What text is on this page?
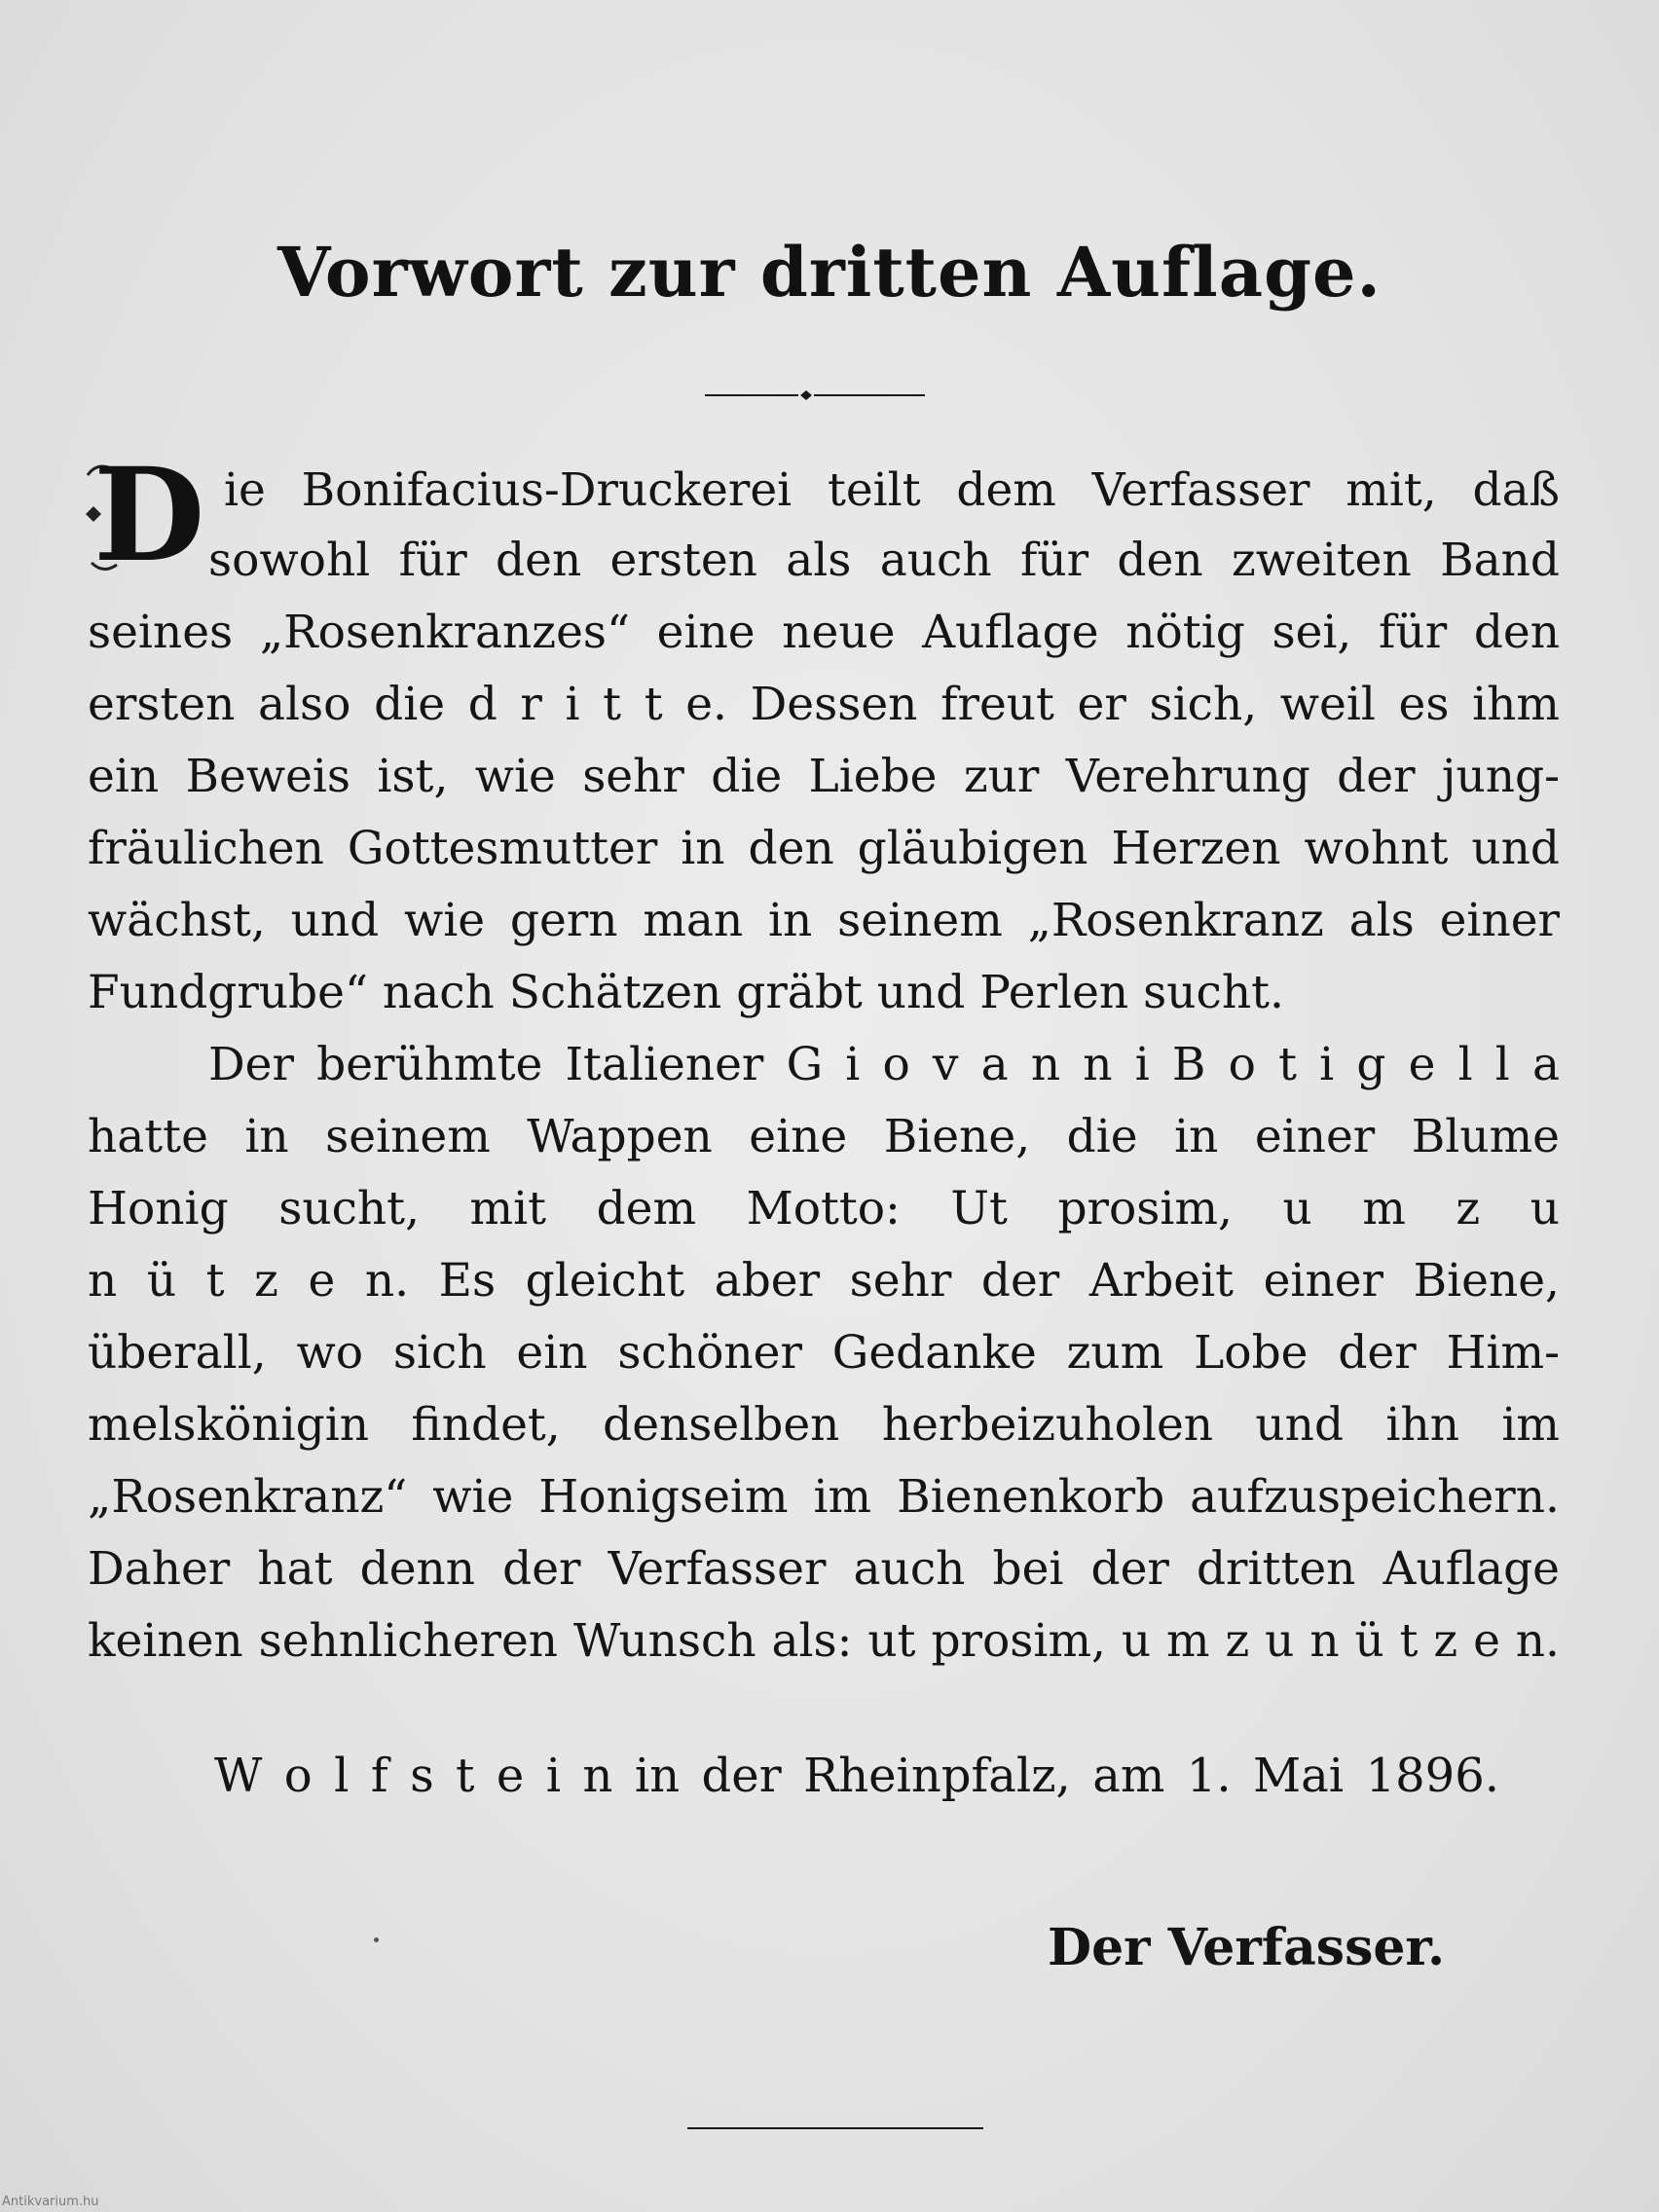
Vorwort zur dritten Auflage.
D ie Bonifacius-Druckerei teilt dem Verfasser mit, daß
sowohl für den ersten als auch für den zweiten Band
seines „Rosenkranzes“ eine neue Auflage nötig sei, für den
ersten also die d r i t t e. Dessen freut er sich, weil es ihm
ein Beweis ist, wie sehr die Liebe zur Verehrung der jung-
fräulichen Gottesmutter in den gläubigen Herzen wohnt und
wächst, und wie gern man in seinem „Rosenkranz als einer
Fundgrube“ nach Schätzen gräbt und Perlen sucht.
Der berühmte Italiener G i o v a n n i B o t i g e l l a
hatte in seinem Wappen eine Biene, die in einer Blume
Honig sucht, mit dem Motto: Ut prosim, u m z u
n ü t z e n. Es gleicht aber sehr der Arbeit einer Biene,
überall, wo sich ein schöner Gedanke zum Lobe der Him-
melskönigin findet, denselben herbeizuholen und ihn im
„Rosenkranz“ wie Honigseim im Bienenkorb aufzuspeichern.
Daher hat denn der Verfasser auch bei der dritten Auflage
keinen sehnlicheren Wunsch als: ut prosim, u m z u n ü t z e n.
W o l f s t e i n in der Rheinpfalz, am 1. Mai 1896.
Der Verfasser.
Antikvarium.hu
